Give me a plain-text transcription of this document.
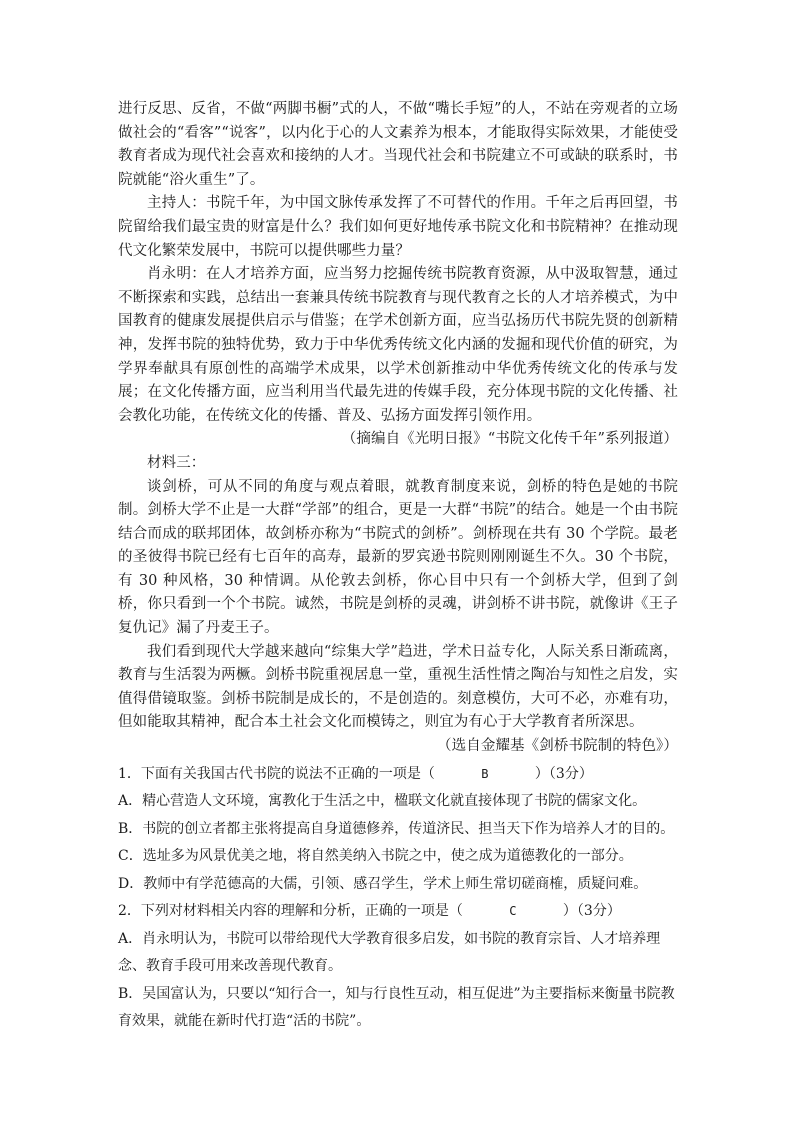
进行反思、反省，不做“两脚书橱”式的人，不做“嘴长手短”的人，不站在旁观者的立场做社会的“看客”“说客”，以内化于心的人文素养为根本，才能取得实际效果，才能使受教育者成为现代社会喜欢和接纳的人才。当现代社会和书院建立不可或缺的联系时，书院就能“浴火重生”了。

主持人：书院千年，为中国文脉传承发挥了不可替代的作用。千年之后再回望，书院留给我们最宝贵的财富是什么？我们如何更好地传承书院文化和书院精神？在推动现代文化繁荣发展中，书院可以提供哪些力量？

肖永明：在人才培养方面，应当努力挖掘传统书院教育资源，从中汲取智慧，通过不断探索和实践，总结出一套兼具传统书院教育与现代教育之长的人才培养模式，为中国教育的健康发展提供启示与借鉴；在学术创新方面，应当弘扬历代书院先贤的创新精神，发挥书院的独特优势，致力于中华优秀传统文化内涵的发掘和现代价值的研究，为学界奉献具有原创性的高端学术成果，以学术创新推动中华优秀传统文化的传承与发展；在文化传播方面，应当利用当代最先进的传媒手段，充分体现书院的文化传播、社会教化功能，在传统文化的传播、普及、弘扬方面发挥引领作用。

（摘编自《光明日报》“书院文化传千年”系列报道）

材料三：

谈剑桥，可从不同的角度与观点着眼，就教育制度来说，剑桥的特色是她的书院制。剑桥大学不止是一大群“学部”的组合，更是一大群“书院”的结合。她是一个由书院结合而成的联邦团体，故剑桥亦称为“书院式的剑桥”。剑桥现在共有 30 个学院。最老的圣彼得书院已经有七百年的高寿，最新的罗宾逊书院则刚刚诞生不久。30 个书院，有 30 种风格，30 种情调。从伦敦去剑桥，你心目中只有一个剑桥大学，但到了剑桥，你只看到一个个书院。诚然，书院是剑桥的灵魂，讲剑桥不讲书院，就像讲《王子复仇记》漏了丹麦王子。

我们看到现代大学越来越向“综集大学”趋进，学术日益专化，人际关系日渐疏离，教育与生活裂为两橛。剑桥书院重视居息一堂，重视生活性情之陶冶与知性之启发，实值得借镜取鉴。剑桥书院制是成长的，不是创造的。刻意模仿，大可不必，亦难有功，但如能取其精神，配合本土社会文化而模铸之，则宜为有心于大学教育者所深思。

（选自金耀基《剑桥书院制的特色》）

1．下面有关我国古代书院的说法不正确的一项是（	B	）（3分）

A．精心营造人文环境，寓教化于生活之中，楹联文化就直接体现了书院的儒家文化。

B．书院的创立者都主张将提高自身道德修养，传道济民、担当天下作为培养人才的目的。

C．选址多为风景优美之地，将自然美纳入书院之中，使之成为道德教化的一部分。

D．教师中有学范德高的大儒，引领、感召学生，学术上师生常切磋商榷，质疑问难。

2．下列对材料相关内容的理解和分析，正确的一项是（	C	）（3分）

A．肖永明认为，书院可以带给现代大学教育很多启发，如书院的教育宗旨、人才培养理念、教育手段可用来改善现代教育。

B．吴国富认为，只要以“知行合一，知与行良性互动，相互促进”为主要指标来衡量书院教育效果，就能在新时代打造“活的书院”。
